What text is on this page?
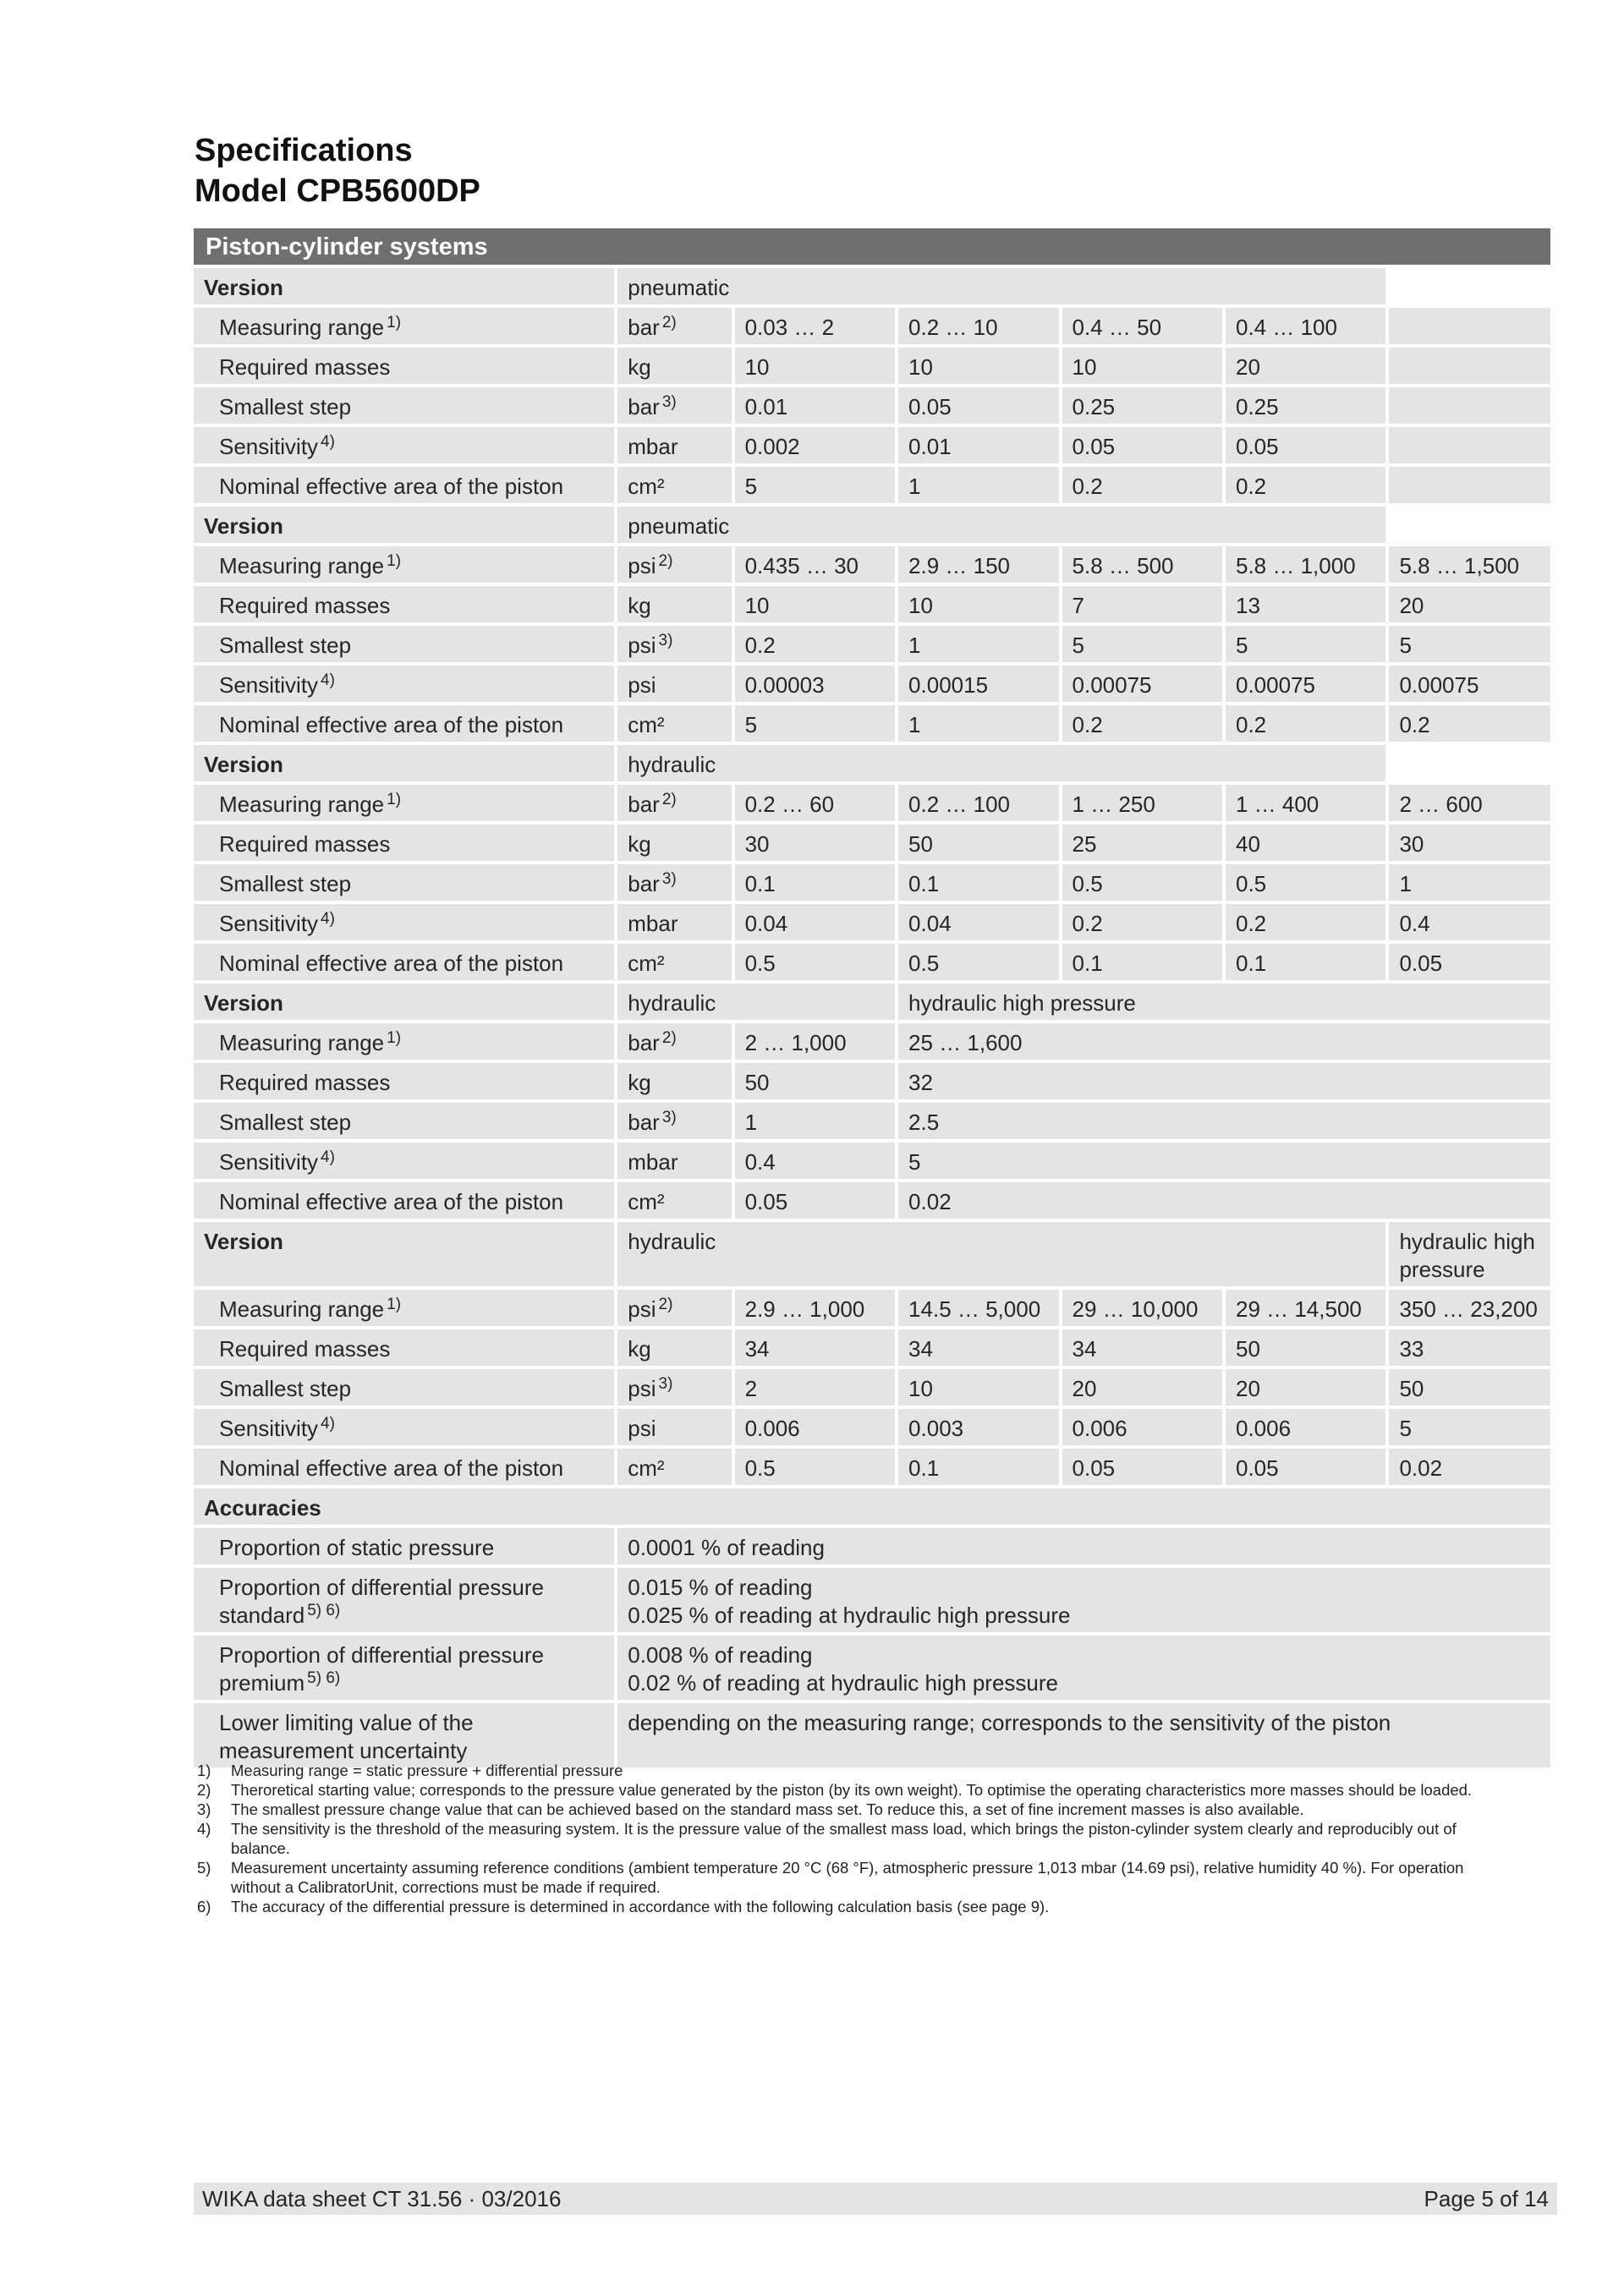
Specifications
Model CPB5600DP
Piston-cylinder systems						
Version	pneumatic					
Measuring range $^{1)}$	bar $^{2)}$	0.03 … 2	0.2 … 10	0.4 … 50	0.4 … 100	
Required masses	kg	10	10	10	20	
Smallest step	bar $^{3)}$	0.01	0.05	0.25	0.25	
Sensitivity $^{4)}$	mbar	0.002	0.01	0.05	0.05	
Nominal effective area of the piston	cm²	5	1	0.2	0.2	
Version	pneumatic					
Measuring range $^{1)}$	psi $^{2)}$	0.435 … 30	2.9 … 150	5.8 … 500	5.8 … 1,000	5.8 … 1,500
Required masses	kg	10	10	7	13	20
Smallest step	psi $^{3)}$	0.2	1	5	5	5
Sensitivity $^{4)}$	psi	0.00003	0.00015	0.00075	0.00075	0.00075
Nominal effective area of the piston	cm²	5	1	0.2	0.2	0.2
Version	hydraulic					
Measuring range $^{1)}$	bar $^{2)}$	0.2 … 60	0.2 … 100	1 … 250	1 … 400	2 … 600
Required masses	kg	30	50	25	40	30
Smallest step	bar $^{3)}$	0.1	0.1	0.5	0.5	1
Sensitivity $^{4)}$	mbar	0.04	0.04	0.2	0.2	0.4
Nominal effective area of the piston	cm²	0.5	0.5	0.1	0.1	0.05
Version	hydraulic		hydraulic high pressure			
Measuring range $^{1)}$	bar $^{2)}$	2 … 1,000	25 … 1,600			
Required masses	kg	50	32			
Smallest step	bar $^{3)}$	1	2.5			
Sensitivity $^{4)}$	mbar	0.4	5			
Nominal effective area of the piston	cm²	0.05	0.02			
Version	hydraulic					hydraulic high pressure
Measuring range $^{1)}$	psi $^{2)}$	2.9 … 1,000	14.5 … 5,000	29 … 10,000	29 … 14,500	350 … 23,200
Required masses	kg	34	34	34	50	33
Smallest step	psi $^{3)}$	2	10	20	20	50
Sensitivity $^{4)}$	psi	0.006	0.003	0.006	0.006	5
Nominal effective area of the piston	cm²	0.5	0.1	0.05	0.05	0.02
Accuracies						
Proportion of static pressure	0.0001 % of reading					

Proportion of differential pressure standard $^{5) 6)}$	0.015 % of reading
0.025 % of reading at hydraulic high pressure					

Proportion of differential pressure premium $^{5) 6)}$	0.008 % of reading
0.02 % of reading at hydraulic high pressure					

Lower limiting value of the measurement uncertainty	depending on the measuring range; corresponds to the sensitivity of the piston					
1)	Measuring range = static pressure + differential pressure
2)	Theroretical starting value; corresponds to the pressure value generated by the piston (by its own weight). To optimise the operating characteristics more masses should be loaded.
3)	The smallest pressure change value that can be achieved based on the standard mass set. To reduce this, a set of fine increment masses is also available.
4)	The sensitivity is the threshold of the measuring system. It is the pressure value of the smallest mass load, which brings the piston-cylinder system clearly and reproducibly out of balance.
5)	Measurement uncertainty assuming reference conditions (ambient temperature 20 °C (68 °F), atmospheric pressure 1,013 mbar (14.69 psi), relative humidity 40 %). For operation without a CalibratorUnit, corrections must be made if required.
6)	The accuracy of the differential pressure is determined in accordance with the following calculation basis (see page 9).
WIKA data sheet CT 31.56 · 03/2016	Page 5 of 14
